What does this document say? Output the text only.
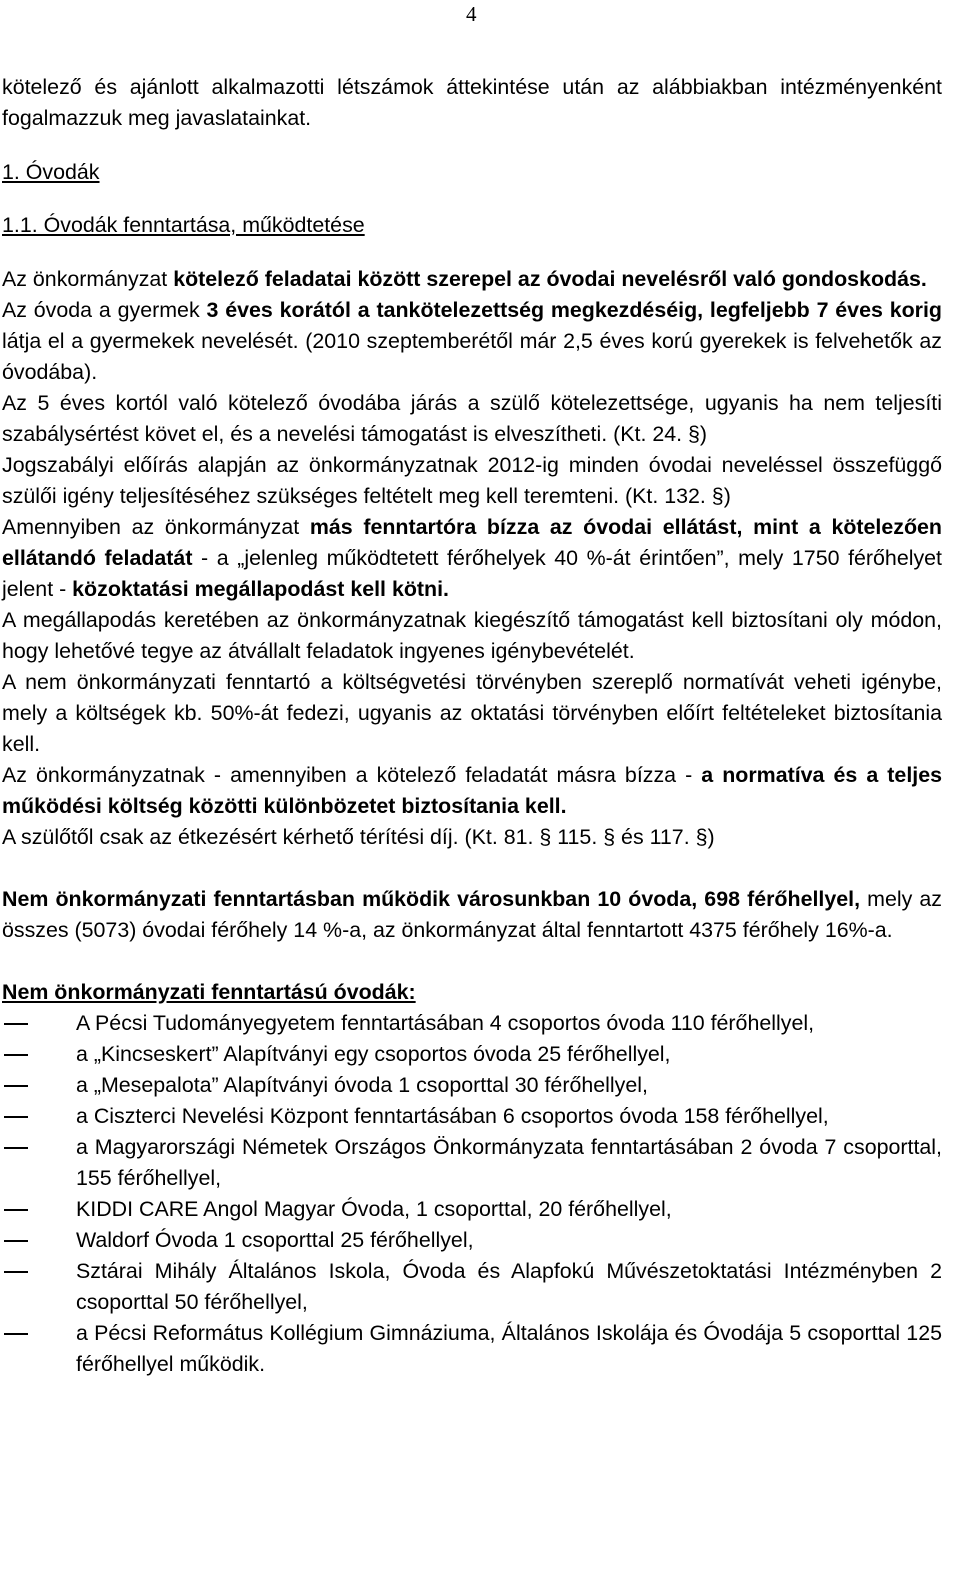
4

kötelező és ajánlott alkalmazotti létszámok áttekintése után az alábbiakban intézményenként fogalmazzuk meg javaslatainkat.

1. Óvodák

1.1. Óvodák fenntartása, működtetése

Az önkormányzat kötelező feladatai között szerepel az óvodai nevelésről való gondoskodás.

Az óvoda a gyermek 3 éves korától a tankötelezettség megkezdéséig, legfeljebb 7 éves korig látja el a gyermekek nevelését. (2010 szeptemberétől már 2,5 éves korú gyerekek is felvehetők az óvodába).

Az 5 éves kortól való kötelező óvodába járás a szülő kötelezettsége, ugyanis ha nem teljesíti szabálysértést követ el, és a nevelési támogatást is elveszítheti. (Kt. 24. §)

Jogszabályi előírás alapján az önkormányzatnak 2012-ig minden óvodai neveléssel összefüggő szülői igény teljesítéséhez szükséges feltételt meg kell teremteni. (Kt. 132. §)

Amennyiben az önkormányzat más fenntartóra bízza az óvodai ellátást, mint a kötelezően ellátandó feladatát - a „jelenleg működtetett férőhelyek 40 %-át érintően”, mely 1750 férőhelyet jelent - közoktatási megállapodást kell kötni.

A megállapodás keretében az önkormányzatnak kiegészítő támogatást kell biztosítani oly módon, hogy lehetővé tegye az átvállalt feladatok ingyenes igénybevételét.

A nem önkormányzati fenntartó a költségvetési törvényben szereplő normatívát veheti igénybe, mely a költségek kb. 50%-át fedezi, ugyanis az oktatási törvényben előírt feltételeket biztosítania kell.

Az önkormányzatnak - amennyiben a kötelező feladatát másra bízza - a normatíva és a teljes működési költség közötti különbözetet biztosítania kell.

A szülőtől csak az étkezésért kérhető térítési díj. (Kt. 81. § 115. § és 117. §)

Nem önkormányzati fenntartásban működik városunkban 10 óvoda, 698 férőhellyel, mely az összes (5073) óvodai férőhely 14 %-a, az önkormányzat által fenntartott 4375 férőhely 16%-a.

Nem önkormányzati fenntartású óvodák:

A Pécsi Tudományegyetem fenntartásában 4 csoportos óvoda 110 férőhellyel,
a „Kincseskert” Alapítványi egy csoportos óvoda 25 férőhellyel,
a „Mesepalota” Alapítványi óvoda 1 csoporttal 30 férőhellyel,
a Ciszterci Nevelési Központ fenntartásában 6 csoportos óvoda 158 férőhellyel,
a Magyarországi Németek Országos Önkormányzata fenntartásában 2 óvoda 7 csoporttal, 155 férőhellyel,
KIDDI CARE Angol Magyar Óvoda, 1 csoporttal, 20 férőhellyel,
Waldorf Óvoda 1 csoporttal 25 férőhellyel,
Sztárai Mihály Általános Iskola, Óvoda és Alapfokú Művészetoktatási Intézményben 2 csoporttal 50 férőhellyel,
a Pécsi Református Kollégium Gimnáziuma, Általános Iskolája és Óvodája 5 csoporttal 125 férőhellyel működik.
